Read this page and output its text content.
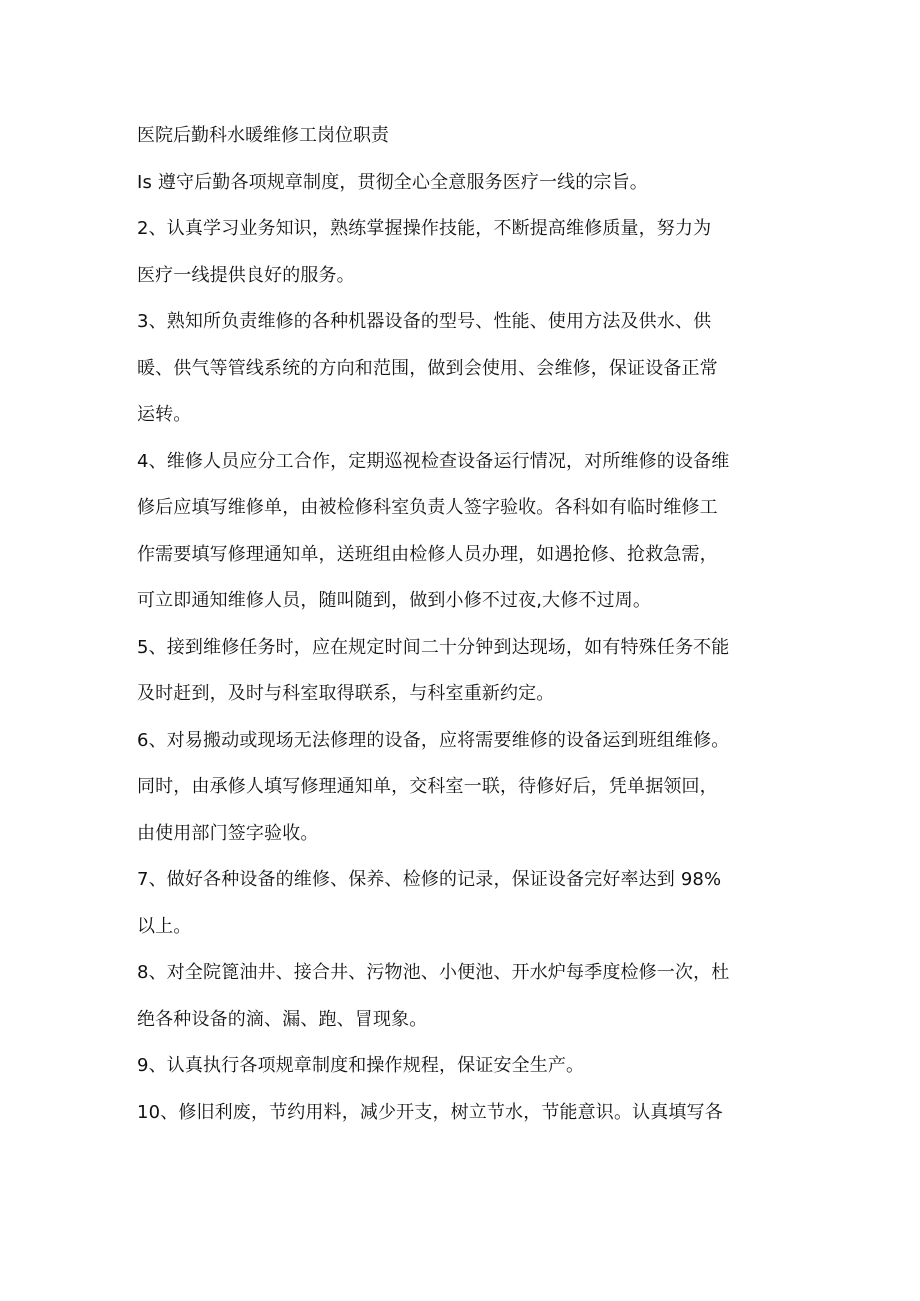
医院后勤科水暖维修工岗位职责
Is 遵守后勤各项规章制度，贯彻全心全意服务医疗一线的宗旨。
2、认真学习业务知识，熟练掌握操作技能，不断提高维修质量，努力为
医疗一线提供良好的服务。
3、熟知所负责维修的各种机器设备的型号、性能、使用方法及供水、供
暖、供气等管线系统的方向和范围，做到会使用、会维修，保证设备正常
运转。
4、维修人员应分工合作，定期巡视检查设备运行情况，对所维修的设备维
修后应填写维修单，由被检修科室负责人签字验收。各科如有临时维修工
作需要填写修理通知单，送班组由检修人员办理，如遇抢修、抢救急需，
可立即通知维修人员，随叫随到，做到小修不过夜,大修不过周。
5、接到维修任务时，应在规定时间二十分钟到达现场，如有特殊任务不能
及时赶到，及时与科室取得联系，与科室重新约定。
6、对易搬动或现场无法修理的设备，应将需要维修的设备运到班组维修。
同时，由承修人填写修理通知单，交科室一联，待修好后，凭单据领回，
由使用部门签字验收。
7、做好各种设备的维修、保养、检修的记录，保证设备完好率达到 98%
以上。
8、对全院篦油井、接合井、污物池、小便池、开水炉每季度检修一次，杜
绝各种设备的滴、漏、跑、冒现象。
9、认真执行各项规章制度和操作规程，保证安全生产。
10、修旧利废，节约用料，减少开支，树立节水，节能意识。认真填写各
